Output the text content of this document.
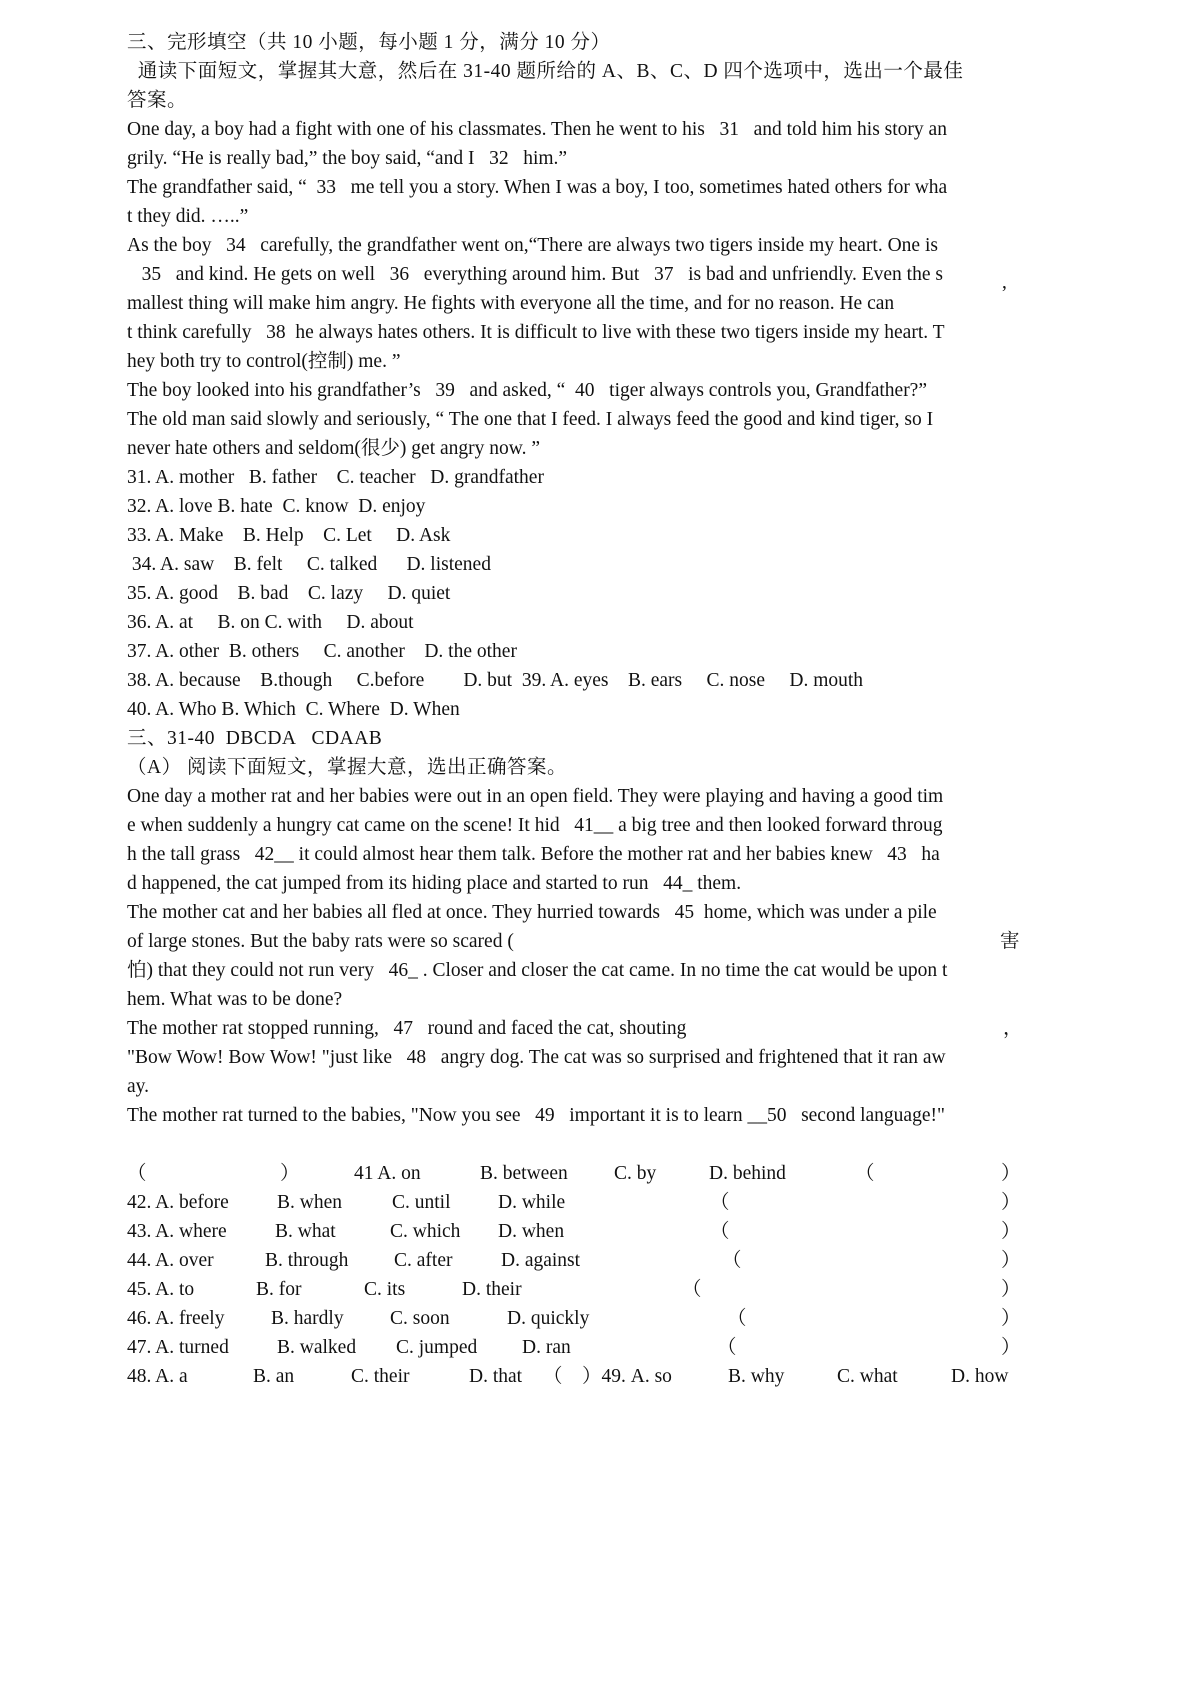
三、完形填空（共 10 小题，每小题 1 分，满分 10 分）
通读下面短文，掌握其大意，然后在 31-40 题所给的 A、B、C、D 四个选项中，选出一个最佳
答案。
One day, a boy had a fight with one of his classmates. Then he went to his   31   and told him his story an
grily. “He is really bad,” the boy said, “and I   32   him.”
The grandfather said, “  33   me tell you a story. When I was a boy, I too, sometimes hated others for wha
t they did. …..”
As the boy   34   carefully, the grandfather went on,“There are always two tigers inside my heart. One is
35   and kind. He gets on well   36   everything around him. But   37   is bad and unfriendly. Even the s
mallest thing will make him angry. He fights with everyone all the time, and for no reason. He can	’
t think carefully   38  he always hates others. It is difficult to live with these two tigers inside my heart. T
hey both try to control(控制) me. ”
The boy looked into his grandfather’s   39   and asked, “  40   tiger always controls you, Grandfather?”
The old man said slowly and seriously, “ The one that I feed. I always feed the good and kind tiger, so I
never hate others and seldom(很少) get angry now. ”
31. A. mother   B. father    C. teacher   D. grandfather
32. A. love B. hate  C. know  D. enjoy
33. A. Make    B. Help    C. Let     D. Ask
34. A. saw    B. felt     C. talked      D. listened
35. A. good    B. bad    C. lazy     D. quiet
36. A. at     B. on C. with     D. about
37. A. other  B. others     C. another    D. the other
38. A. because    B.though     C.before        D. but  39. A. eyes    B. ears     C. nose     D. mouth
40. A. Who B. Which  C. Where  D. When
三、31-40  DBCDA   CDAAB
（A） 阅读下面短文，掌握大意，选出正确答案。
One day a mother rat and her babies were out in an open field. They were playing and having a good tim
e when suddenly a hungry cat came on the scene! It hid   41__ a big tree and then looked forward throug
h the tall grass   42__ it could almost hear them talk. Before the mother rat and her babies knew   43   ha
d happened, the cat jumped from its hiding place and started to run   44_ them.
The mother cat and her babies all fled at once. They hurried towards   45  home, which was under a pile
of large stones. But the baby rats were so scared (	害
怕) that they could not run very   46_ . Closer and closer the cat came. In no time the cat would be upon t
hem. What was to be done?
The mother rat stopped running,   47   round and faced the cat, shouting	，
"Bow Wow! Bow Wow! "just like   48   angry dog. The cat was so surprised and frightened that it ran aw
ay.
The mother rat turned to the babies, "Now you see   49   important it is to learn __50   second language!"
（	）	41 A. on	B. between C. by	D. behind	（	）
42. A. before B. when	C. until D. while	（	）
43. A. where B. what	C. which D. when	（	）
44. A. over	B. through C. after D. against	（	）
45. A. to	B. for	C. its	D. their	（	）
46. A. freely B. hardly C. soon	D. quickly	（	）
47. A. turned B. walked C. jumped D. ran	（	）
48. A. a	B. an	C. their	D. that （    ）49. A. so	B. why	C. what	D. how
